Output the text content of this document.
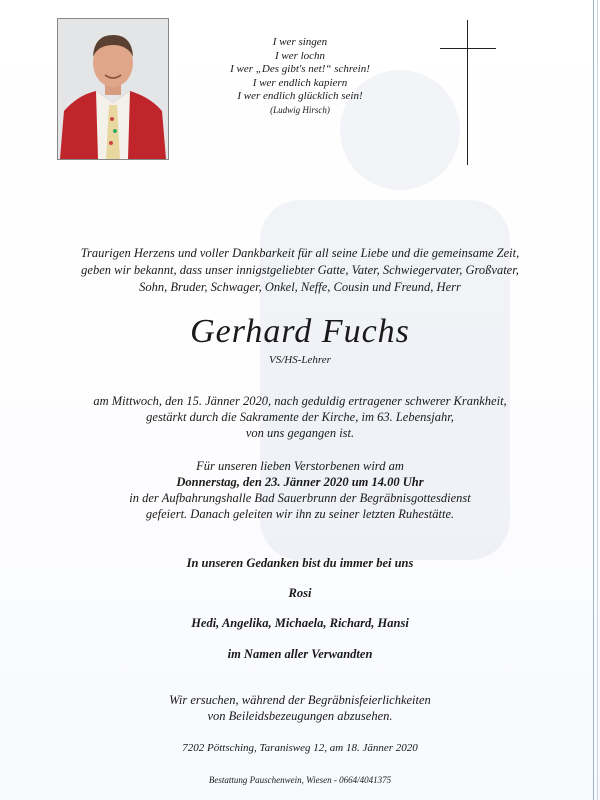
I wer singen
I wer lochn
I wer „Des gibt's net!“ schrein!
I wer endlich kapiern
I wer endlich glücklich sein!
(Ludwig Hirsch)
Traurigen Herzens und voller Dankbarkeit für all seine Liebe und die gemeinsame Zeit,
geben wir bekannt, dass unser innigstgeliebter Gatte, Vater, Schwiegervater, Großvater,
Sohn, Bruder, Schwager, Onkel, Neffe, Cousin und Freund, Herr
Gerhard Fuchs
VS/HS-Lehrer
am Mittwoch, den 15. Jänner 2020, nach geduldig ertragener schwerer Krankheit,
gestärkt durch die Sakramente der Kirche, im 63. Lebensjahr,
von uns gegangen ist.
Für unseren lieben Verstorbenen wird am
Donnerstag, den 23. Jänner 2020 um 14.00 Uhr
in der Aufbahrungshalle Bad Sauerbrunn der Begräbnisgottesdienst
gefeiert. Danach geleiten wir ihn zu seiner letzten Ruhestätte.
In unseren Gedanken bist du immer bei uns
Rosi
Hedi, Angelika, Michaela, Richard, Hansi
im Namen aller Verwandten
Wir ersuchen, während der Begräbnisfeierlichkeiten
von Beileidsbezeugungen abzusehen.
7202 Pöttsching, Taranisweg 12, am 18. Jänner 2020
Bestattung Pauschenwein, Wiesen - 0664/4041375
